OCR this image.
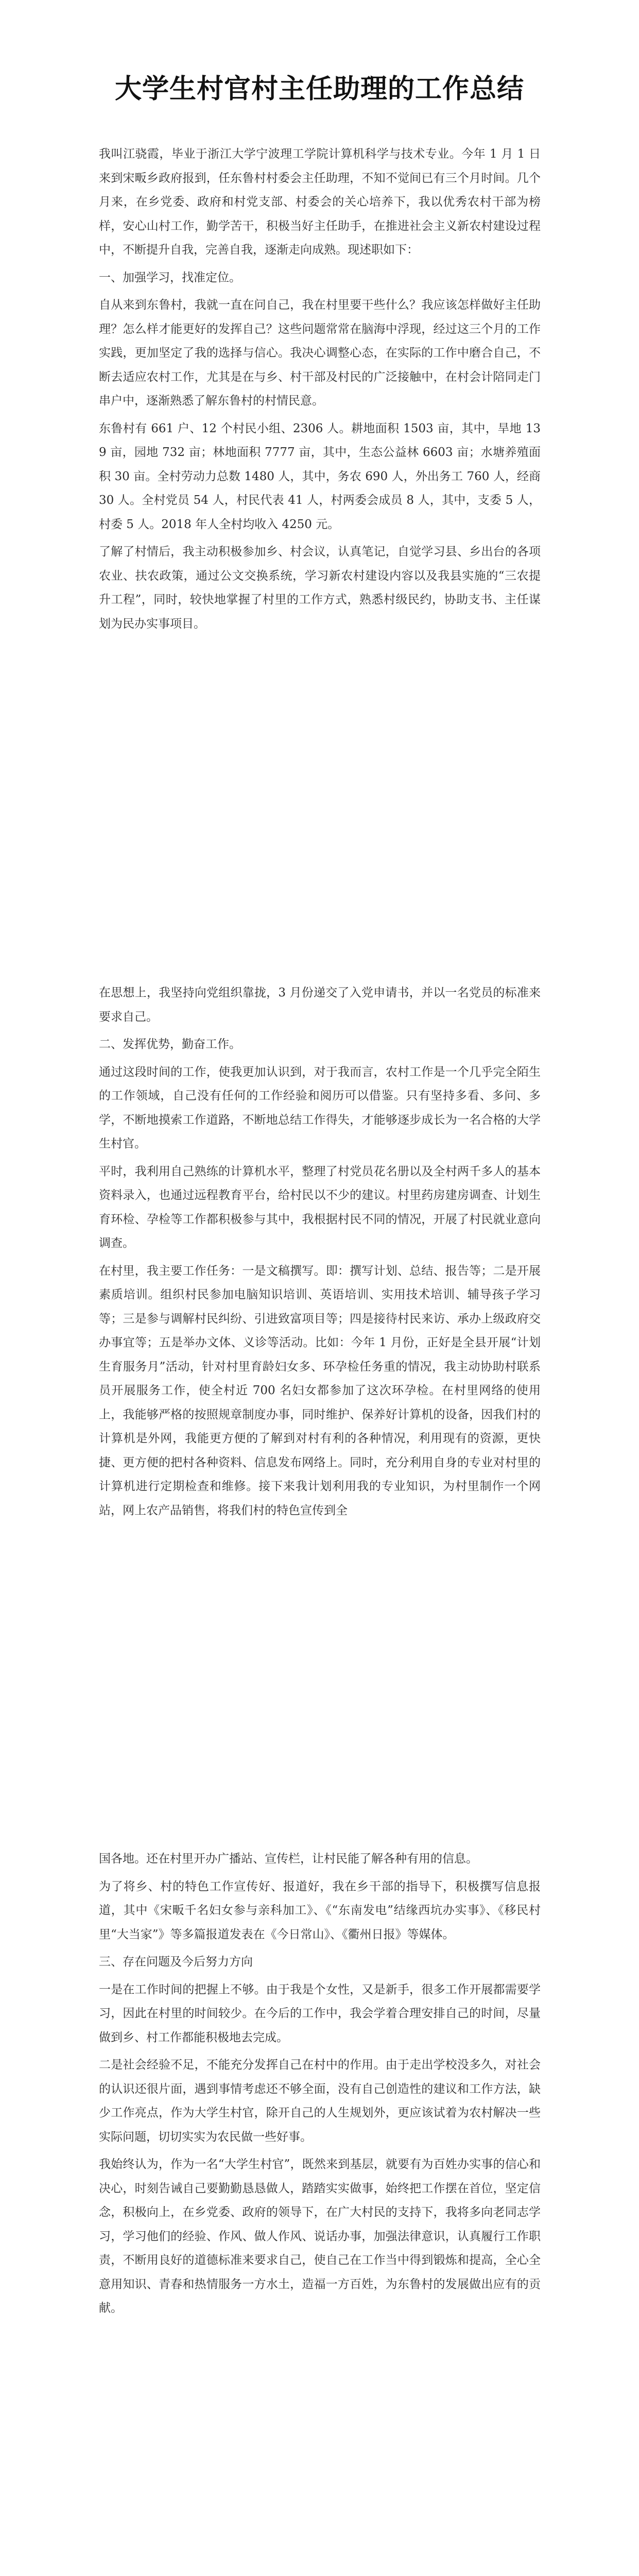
大学生村官村主任助理的工作总结

我叫江骁霞，毕业于浙江大学宁波理工学院计算机科学与技术专业。今年 1 月 1 日来到宋畈乡政府报到，任东鲁村村委会主任助理，不知不觉间已有三个月时间。几个月来，在乡党委、政府和村党支部、村委会的关心培养下，我以优秀农村干部为榜样，安心山村工作，勤学苦干，积极当好主任助手，在推进社会主义新农村建设过程中，不断提升自我，完善自我，逐渐走向成熟。现述职如下：

一、加强学习，找准定位。

自从来到东鲁村，我就一直在问自己，我在村里要干些什么？我应该怎样做好主任助理？怎么样才能更好的发挥自己？这些问题常常在脑海中浮现，经过这三个月的工作实践，更加坚定了我的选择与信心。我决心调整心态，在实际的工作中磨合自己，不断去适应农村工作，尤其是在与乡、村干部及村民的广泛接触中，在村会计陪同走门串户中，逐渐熟悉了解东鲁村的村情民意。

东鲁村有 661 户、12 个村民小组、2306 人。耕地面积 1503 亩，其中，旱地 139 亩，园地 732 亩；林地面积 7777 亩，其中，生态公益林 6603 亩；水塘养殖面积 30 亩。全村劳动力总数 1480 人，其中，务农 690 人，外出务工 760 人，经商 30 人。全村党员 54 人，村民代表 41 人，村两委会成员 8 人，其中，支委 5 人，村委 5 人。2018 年人全村均收入 4250 元。

了解了村情后，我主动积极参加乡、村会议，认真笔记，自觉学习县、乡出台的各项农业、扶农政策，通过公文交换系统，学习新农村建设内容以及我县实施的“三农提升工程”，同时，较快地掌握了村里的工作方式，熟悉村级民约，协助支书、主任谋划为民办实事项目。

在思想上，我坚持向党组织靠拢，3 月份递交了入党申请书，并以一名党员的标准来要求自己。

二、发挥优势，勤奋工作。

通过这段时间的工作，使我更加认识到，对于我而言，农村工作是一个几乎完全陌生的工作领域，自己没有任何的工作经验和阅历可以借鉴。只有坚持多看、多问、多学，不断地摸索工作道路，不断地总结工作得失，才能够逐步成长为一名合格的大学生村官。

平时，我利用自己熟练的计算机水平，整理了村党员花名册以及全村两千多人的基本资料录入，也通过远程教育平台，给村民以不少的建议。村里药房建房调查、计划生育环检、孕检等工作都积极参与其中，我根据村民不同的情况，开展了村民就业意向调查。

在村里，我主要工作任务：一是文稿撰写。即：撰写计划、总结、报告等；二是开展素质培训。组织村民参加电脑知识培训、英语培训、实用技术培训、辅导孩子学习等；三是参与调解村民纠纷、引进致富项目等；四是接待村民来访、承办上级政府交办事宜等；五是举办文体、义诊等活动。比如：今年 1 月份，正好是全县开展“计划生育服务月”活动，针对村里育龄妇女多、环孕检任务重的情况，我主动协助村联系员开展服务工作，使全村近 700 名妇女都参加了这次环孕检。在村里网络的使用上，我能够严格的按照规章制度办事，同时维护、保养好计算机的设备，因我们村的计算机是外网，我能更方便的了解到对村有利的各种情况，利用现有的资源，更快捷、更方便的把村各种资料、信息发布网络上。同时，充分利用自身的专业对村里的计算机进行定期检查和维修。接下来我计划利用我的专业知识，为村里制作一个网站，网上农产品销售，将我们村的特色宣传到全

国各地。还在村里开办广播站、宣传栏，让村民能了解各种有用的信息。

为了将乡、村的特色工作宣传好、报道好，我在乡干部的指导下，积极撰写信息报道，其中《宋畈千名妇女参与亲科加工》、《“东南发电”结缘西坑办实事》、《移民村里“大当家”》等多篇报道发表在《今日常山》、《衢州日报》等媒体。

三、存在问题及今后努力方向

一是在工作时间的把握上不够。由于我是个女性，又是新手，很多工作开展都需要学习，因此在村里的时间较少。在今后的工作中，我会学着合理安排自己的时间，尽量做到乡、村工作都能积极地去完成。

二是社会经验不足，不能充分发挥自己在村中的作用。由于走出学校没多久，对社会的认识还很片面，遇到事情考虑还不够全面，没有自己创造性的建议和工作方法，缺少工作亮点，作为大学生村官，除开自己的人生规划外，更应该试着为农村解决一些实际问题，切切实实为农民做一些好事。

我始终认为，作为一名“大学生村官”，既然来到基层，就要有为百姓办实事的信心和决心，时刻告诫自己要勤勤恳恳做人，踏踏实实做事，始终把工作摆在首位，坚定信念，积极向上，在乡党委、政府的领导下，在广大村民的支持下，我将多向老同志学习，学习他们的经验、作风、做人作风、说话办事，加强法律意识，认真履行工作职责，不断用良好的道德标准来要求自己，使自己在工作当中得到锻炼和提高，全心全意用知识、青春和热情服务一方水土，造福一方百姓，为东鲁村的发展做出应有的贡献。
